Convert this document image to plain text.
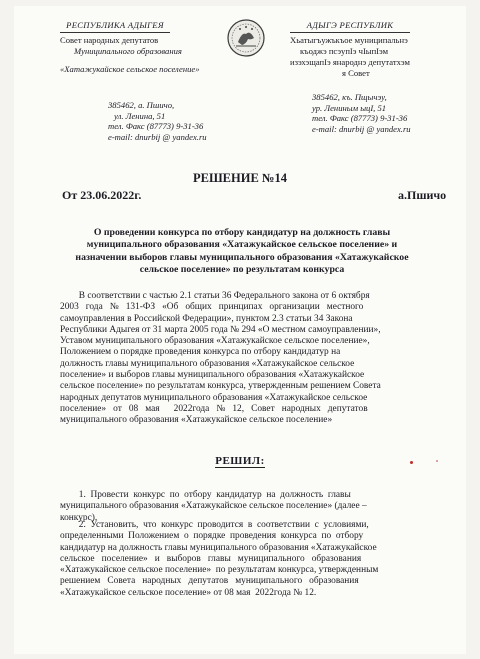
РЕСПУБЛИКА АДЫГЕЯ
Совет народных депутатов
Муниципального образования
«Хатажукайское сельское поселение»
385462, а. Пшичо,
ул. Ленина, 51
тел. Факс (87773) 9-31-36
e-mail: dnurbij @ yandex.ru
АДЫГЭ РЕСПУБЛИК
Хьатыгъужъкъое муниципальнэ
къоджэ псэупIэ чIыпIэм
изэхэщапIэ янароднэ депутатхэм
я Совет
385462, къ. Пщычэу,
ур. Лениным ыцI, 51
тел. Факс (87773) 9-31-36
e-mail: dnurbij @ yandex.ru
РЕШЕНИЕ №14
От 23.06.2022г.	а.Пшичо
О проведении конкурса по отбору кандидатур на должность главы
муниципального образования «Хатажукайское сельское поселение» и
назначении выборов главы муниципального образования «Хатажукайское
сельское поселение» по результатам конкурса
В соответствии с частью 2.1 статьи 36 Федерального закона от 6 октября
2003   года   №   131-ФЗ   «Об   общих   принципах   организации   местного
самоуправления в Российской Федерации», пунктом 2.3 статьи 34 Закона
Республики Адыгея от 31 марта 2005 года № 294 «О местном самоуправлении»,
Уставом муниципального образования «Хатажукайское сельское поселение»,
Положением о порядке проведения конкурса по отбору кандидатур на
должность главы муниципального образования «Хатажукайское сельское
поселение» и выборов главы муниципального образования «Хатажукайское
сельское поселение» по результатам конкурса, утвержденным решением Совета
народных депутатов муниципального образования «Хатажукайское сельское
поселение»   от   08   мая      2022года   №   12,   Совет   народных   депутатов
муниципального образования «Хатажукайское сельское поселение»
РЕШИЛ:
1.  Провести  конкурс  по  отбору  кандидатур  на  должность  главы
муниципального образования «Хатажукайское сельское поселение» (далее –
конкурс).
2.  Установить,  что  конкурс  проводится  в  соответствии  с  условиями,
определенными  Положением  о  порядке  проведения  конкурса  по  отбору
кандидатур на должность главы муниципального образования «Хатажукайское
сельское   поселение»   и   выборов   главы   муниципального   образования
«Хатажукайское сельское поселение»  по результатам конкурса, утвержденным
решением   Совета   народных   депутатов   муниципального   образования
«Хатажукайское сельское поселение» от 08 мая  2022года № 12.
